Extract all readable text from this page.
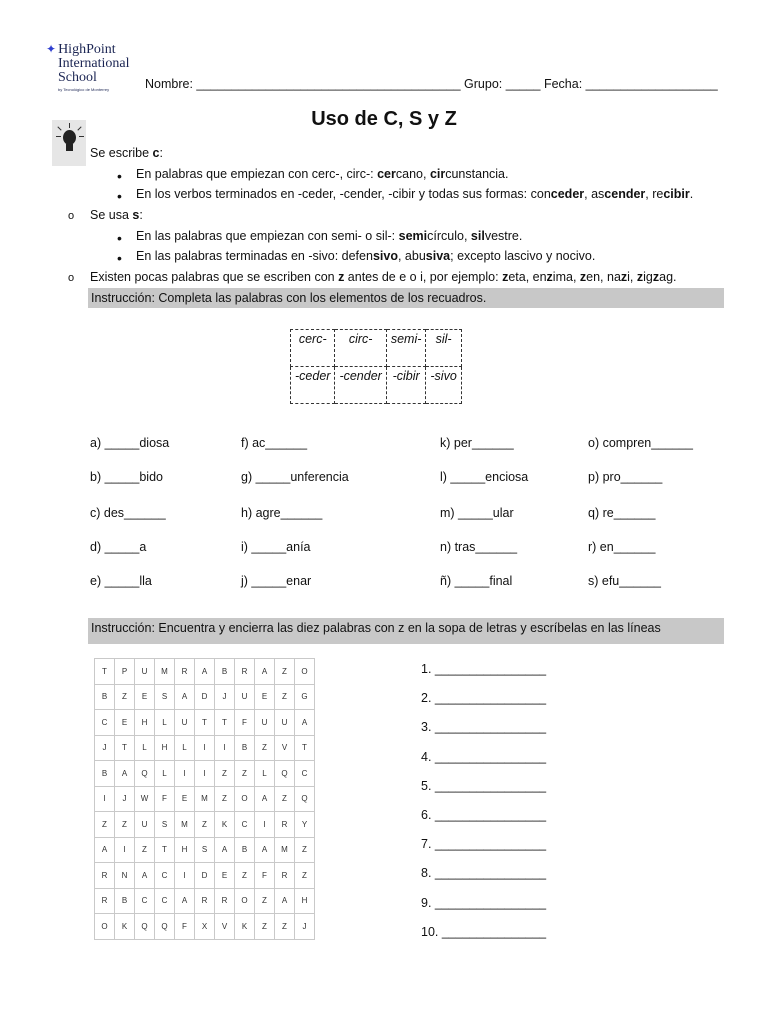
✦ HighPoint
International
School
by Tecnológico de Monterrey	Nombre: ______________________________________ Grupo: _____ Fecha: ___________________
Uso de C, S y Z
Se escribe c:
• En palabras que empiezan con cerc-, circ-: cercano, circunstancia.
• En los verbos terminados en -ceder, -cender, -cibir y todas sus formas: conceder, ascender, recibir.
o Se usa s:
• En las palabras que empiezan con semi- o sil-: semicírculo, silvestre.
• En las palabras terminadas en -sivo: defensivo, abusiva; excepto lascivo y nocivo.
o Existen pocas palabras que se escriben con z antes de e o i, por ejemplo: zeta, enzima, zen, nazi, zigzag.
Instrucción: Completa las palabras con los elementos de los recuadros.
cerc-	circ-	semi-	sil-
-ceder	-cender	-cibir	-sivo
a) _____diosa	f) ac______	k) per______	o) compren______
b) _____bido	g) _____unferencia	l) _____enciosa	p) pro______
c) des______	h) agre______	m) _____ular	q) re______
d) _____a	i) _____anía	n) tras______	r) en______
e) _____lla	j) _____enar	ñ) _____final	s) efu______
Instrucción: Encuentra y encierra las diez palabras con z en la sopa de letras y escríbelas en las líneas
T	P	U	M	R	A	B	R	A	Z	O
B	Z	E	S	A	D	J	U	E	Z	G
C	E	H	L	U	T	T	F	U	U	A
J	T	L	H	L	I	I	B	Z	V	T
B	A	Q	L	I	I	Z	Z	L	Q	C
I	J	W	F	E	M	Z	O	A	Z	Q
Z	Z	U	S	M	Z	K	C	I	R	Y
A	I	Z	T	H	S	A	B	A	M	Z
R	N	A	C	I	D	E	Z	F	R	Z
R	B	C	C	A	R	R	O	Z	A	H
O	K	Q	Q	F	X	V	K	Z	Z	J
1. ________________
2. ________________
3. ________________
4. ________________
5. ________________
6. ________________
7. ________________
8. ________________
9. ________________
10. _______________
